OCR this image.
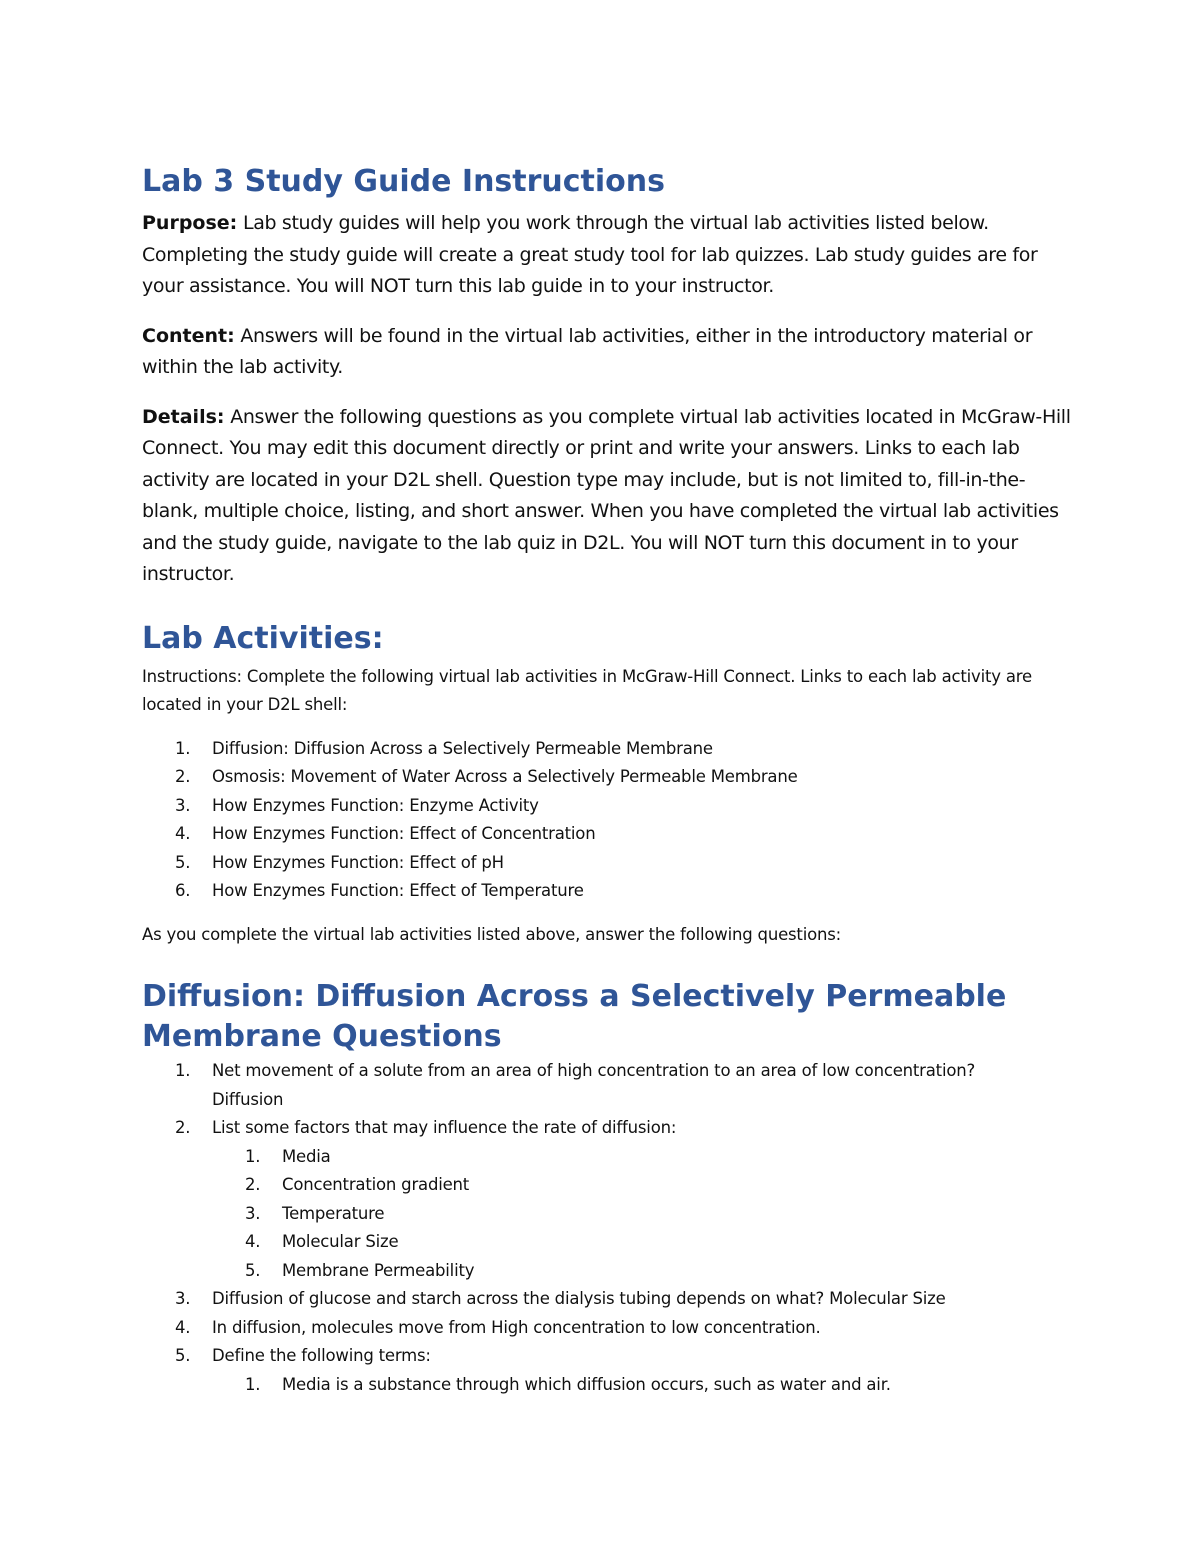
Lab 3 Study Guide Instructions

Purpose: Lab study guides will help you work through the virtual lab activities listed below. Completing the study guide will create a great study tool for lab quizzes. Lab study guides are for your assistance. You will NOT turn this lab guide in to your instructor.

Content: Answers will be found in the virtual lab activities, either in the introductory material or within the lab activity.

Details: Answer the following questions as you complete virtual lab activities located in McGraw-Hill Connect. You may edit this document directly or print and write your answers. Links to each lab activity are located in your D2L shell. Question type may include, but is not limited to, fill-in-the-blank, multiple choice, listing, and short answer. When you have completed the virtual lab activities and the study guide, navigate to the lab quiz in D2L. You will NOT turn this document in to your instructor.

Lab Activities:

Instructions: Complete the following virtual lab activities in McGraw-Hill Connect. Links to each lab activity are located in your D2L shell:

1. Diffusion: Diffusion Across a Selectively Permeable Membrane
2. Osmosis: Movement of Water Across a Selectively Permeable Membrane
3. How Enzymes Function: Enzyme Activity
4. How Enzymes Function: Effect of Concentration
5. How Enzymes Function: Effect of pH
6. How Enzymes Function: Effect of Temperature

As you complete the virtual lab activities listed above, answer the following questions:

Diffusion: Diffusion Across a Selectively Permeable Membrane Questions
1. Net movement of a solute from an area of high concentration to an area of low concentration?
Diffusion
2. List some factors that may influence the rate of diffusion:
1. Media
2. Concentration gradient
3. Temperature
4. Molecular Size
5. Membrane Permeability
3. Diffusion of glucose and starch across the dialysis tubing depends on what? Molecular Size
4. In diffusion, molecules move from High concentration to low concentration.
5. Define the following terms:
1. Media is a substance through which diffusion occurs, such as water and air.
